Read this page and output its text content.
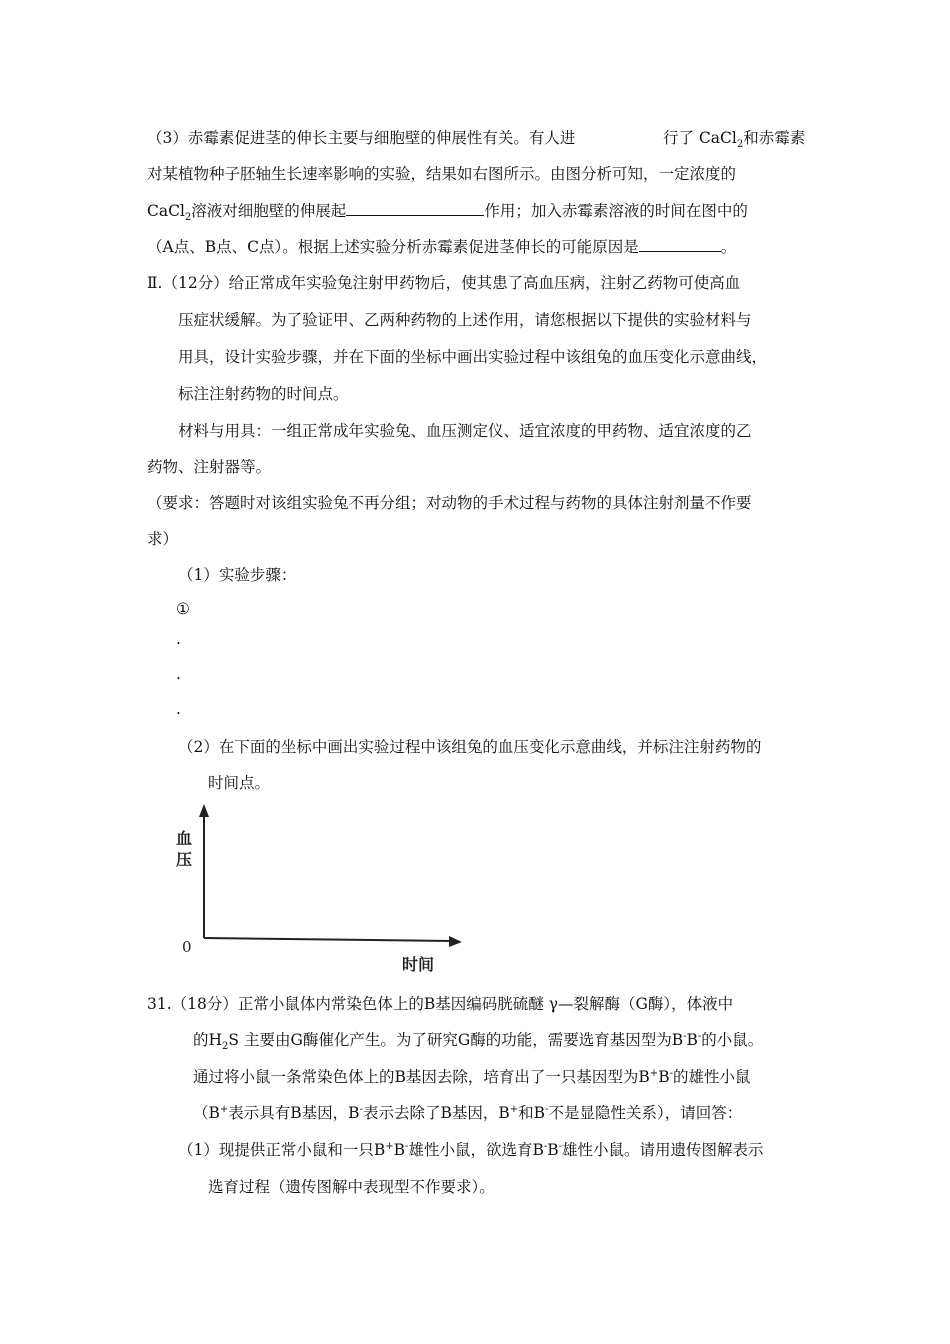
（3）赤霉素促进茎的伸长主要与细胞壁的伸展性有关。有人进	行了 CaCl$_2$和赤霉素
对某植物种子胚轴生长速率影响的实验，结果如右图所示。由图分析可知，一定浓度的
CaCl$_2$溶液对细胞壁的伸展起	作用；加入赤霉素溶液的时间在图中的
（A点、B点、C点）。根据上述实验分析赤霉素促进茎伸长的可能原因是	。
Ⅱ.（12分）给正常成年实验兔注射甲药物后，使其患了高血压病，注射乙药物可使高血
压症状缓解。为了验证甲、乙两种药物的上述作用，请您根据以下提供的实验材料与
用具，设计实验步骤，并在下面的坐标中画出实验过程中该组兔的血压变化示意曲线，
标注注射药物的时间点。
材料与用具：一组正常成年实验兔、血压测定仪、适宜浓度的甲药物、适宜浓度的乙
药物、注射器等。
（要求：答题时对该组实验兔不再分组；对动物的手术过程与药物的具体注射剂量不作要
求）
（1）实验步骤：
①
.
.
.
（2）在下面的坐标中画出实验过程中该组兔的血压变化示意曲线，并标注注射药物的
时间点。
血
压
0
时间
31.（18分）正常小鼠体内常染色体上的B基因编码胱硫醚 γ—裂解酶（G酶），体液中
的$H_2S$ 主要由G酶催化产生。为了研究G酶的功能，需要选育基因型为B-B-的小鼠。
通过将小鼠一条常染色体上的B基因去除，培育出了一只基因型为B+B-的雄性小鼠
（B+表示具有B基因，B-表示去除了B基因，B+和B-不是显隐性关系），请回答：
（1）现提供正常小鼠和一只B+B-雄性小鼠，欲选育B-B-雄性小鼠。请用遗传图解表示
选育过程（遗传图解中表现型不作要求）。
